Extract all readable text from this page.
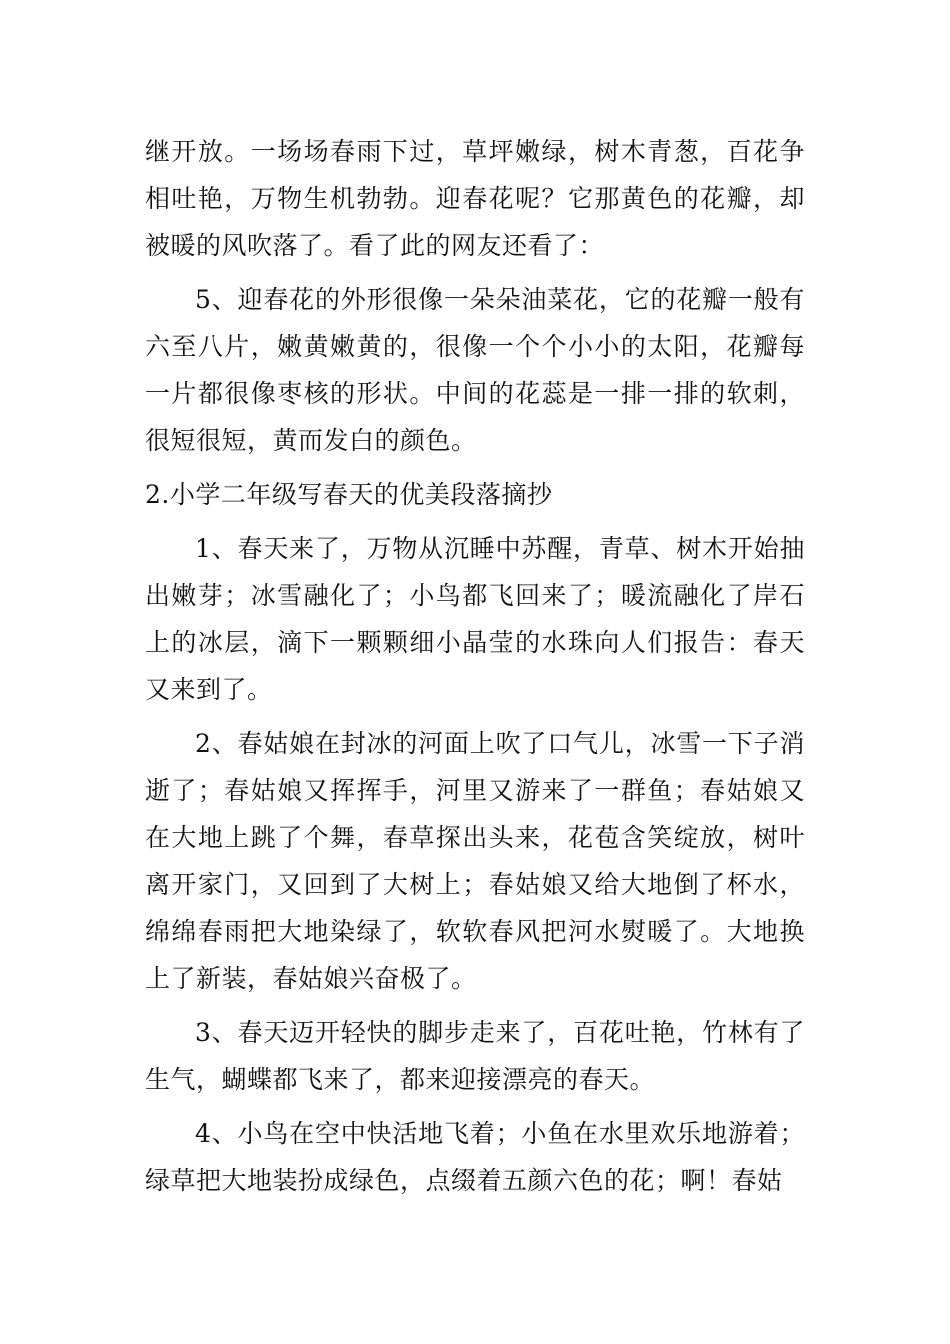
继开放。一场场春雨下过，草坪嫩绿，树木青葱，百花争相吐艳，万物生机勃勃。迎春花呢？它那黄色的花瓣，却被暖的风吹落了。看了此的网友还看了：

5、迎春花的外形很像一朵朵油菜花，它的花瓣一般有六至八片，嫩黄嫩黄的，很像一个个小小的太阳，花瓣每一片都很像枣核的形状。中间的花蕊是一排一排的软刺，很短很短，黄而发白的颜色。

2.小学二年级写春天的优美段落摘抄

1、春天来了，万物从沉睡中苏醒，青草、树木开始抽出嫩芽；冰雪融化了；小鸟都飞回来了；暖流融化了岸石上的冰层，滴下一颗颗细小晶莹的水珠向人们报告：春天又来到了。

2、春姑娘在封冰的河面上吹了口气儿，冰雪一下子消逝了；春姑娘又挥挥手，河里又游来了一群鱼；春姑娘又在大地上跳了个舞，春草探出头来，花苞含笑绽放，树叶离开家门，又回到了大树上；春姑娘又给大地倒了杯水，绵绵春雨把大地染绿了，软软春风把河水熨暖了。大地换上了新装，春姑娘兴奋极了。

3、春天迈开轻快的脚步走来了，百花吐艳，竹林有了生气，蝴蝶都飞来了，都来迎接漂亮的春天。

4、小鸟在空中快活地飞着；小鱼在水里欢乐地游着；绿草把大地装扮成绿色，点缀着五颜六色的花；啊！春姑
